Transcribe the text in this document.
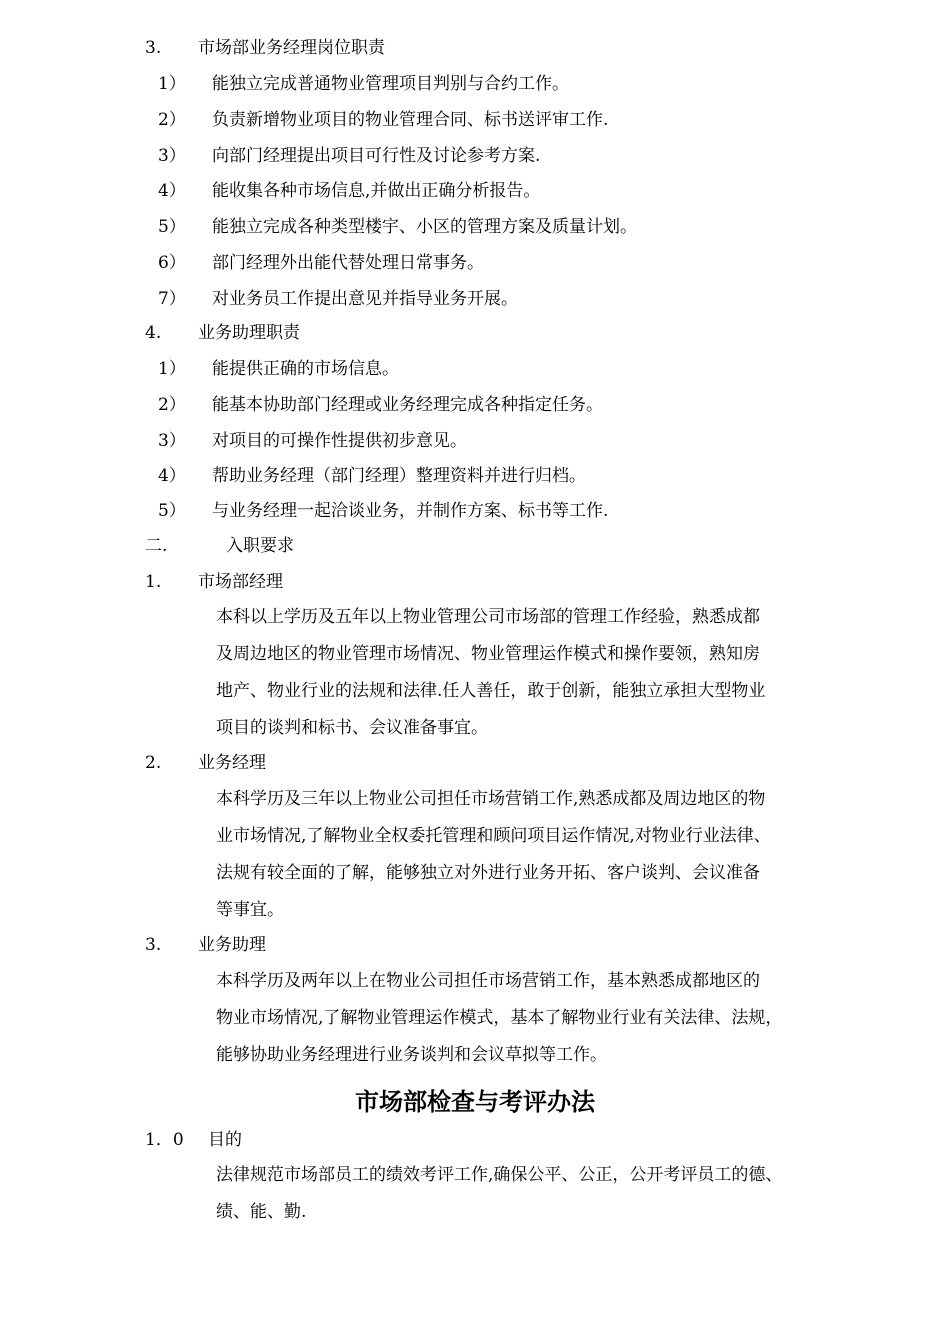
3. 市场部业务经理岗位职责
1） 能独立完成普通物业管理项目判别与合约工作。
2） 负责新增物业项目的物业管理合同、标书送评审工作.
3） 向部门经理提出项目可行性及讨论参考方案.
4） 能收集各种市场信息,并做出正确分析报告。
5） 能独立完成各种类型楼宇、小区的管理方案及质量计划。
6） 部门经理外出能代替处理日常事务。
7） 对业务员工作提出意见并指导业务开展。
4. 业务助理职责
1） 能提供正确的市场信息。
2） 能基本协助部门经理或业务经理完成各种指定任务。
3） 对项目的可操作性提供初步意见。
4） 帮助业务经理（部门经理）整理资料并进行归档。
5） 与业务经理一起洽谈业务，并制作方案、标书等工作.
二.	入职要求
1. 市场部经理
本科以上学历及五年以上物业管理公司市场部的管理工作经验，熟悉成都
及周边地区的物业管理市场情况、物业管理运作模式和操作要领，熟知房
地产、物业行业的法规和法律.任人善任，敢于创新，能独立承担大型物业
项目的谈判和标书、会议准备事宜。
2. 业务经理
本科学历及三年以上物业公司担任市场营销工作,熟悉成都及周边地区的物
业市场情况,了解物业全权委托管理和顾问项目运作情况,对物业行业法律、
法规有较全面的了解，能够独立对外进行业务开拓、客户谈判、会议准备
等事宜。
3. 业务助理
本科学历及两年以上在物业公司担任市场营销工作，基本熟悉成都地区的
物业市场情况,了解物业管理运作模式，基本了解物业行业有关法律、法规，
能够协助业务经理进行业务谈判和会议草拟等工作。
市场部检查与考评办法
1．0 目的
法律规范市场部员工的绩效考评工作,确保公平、公正，公开考评员工的德、
绩、能、勤.
